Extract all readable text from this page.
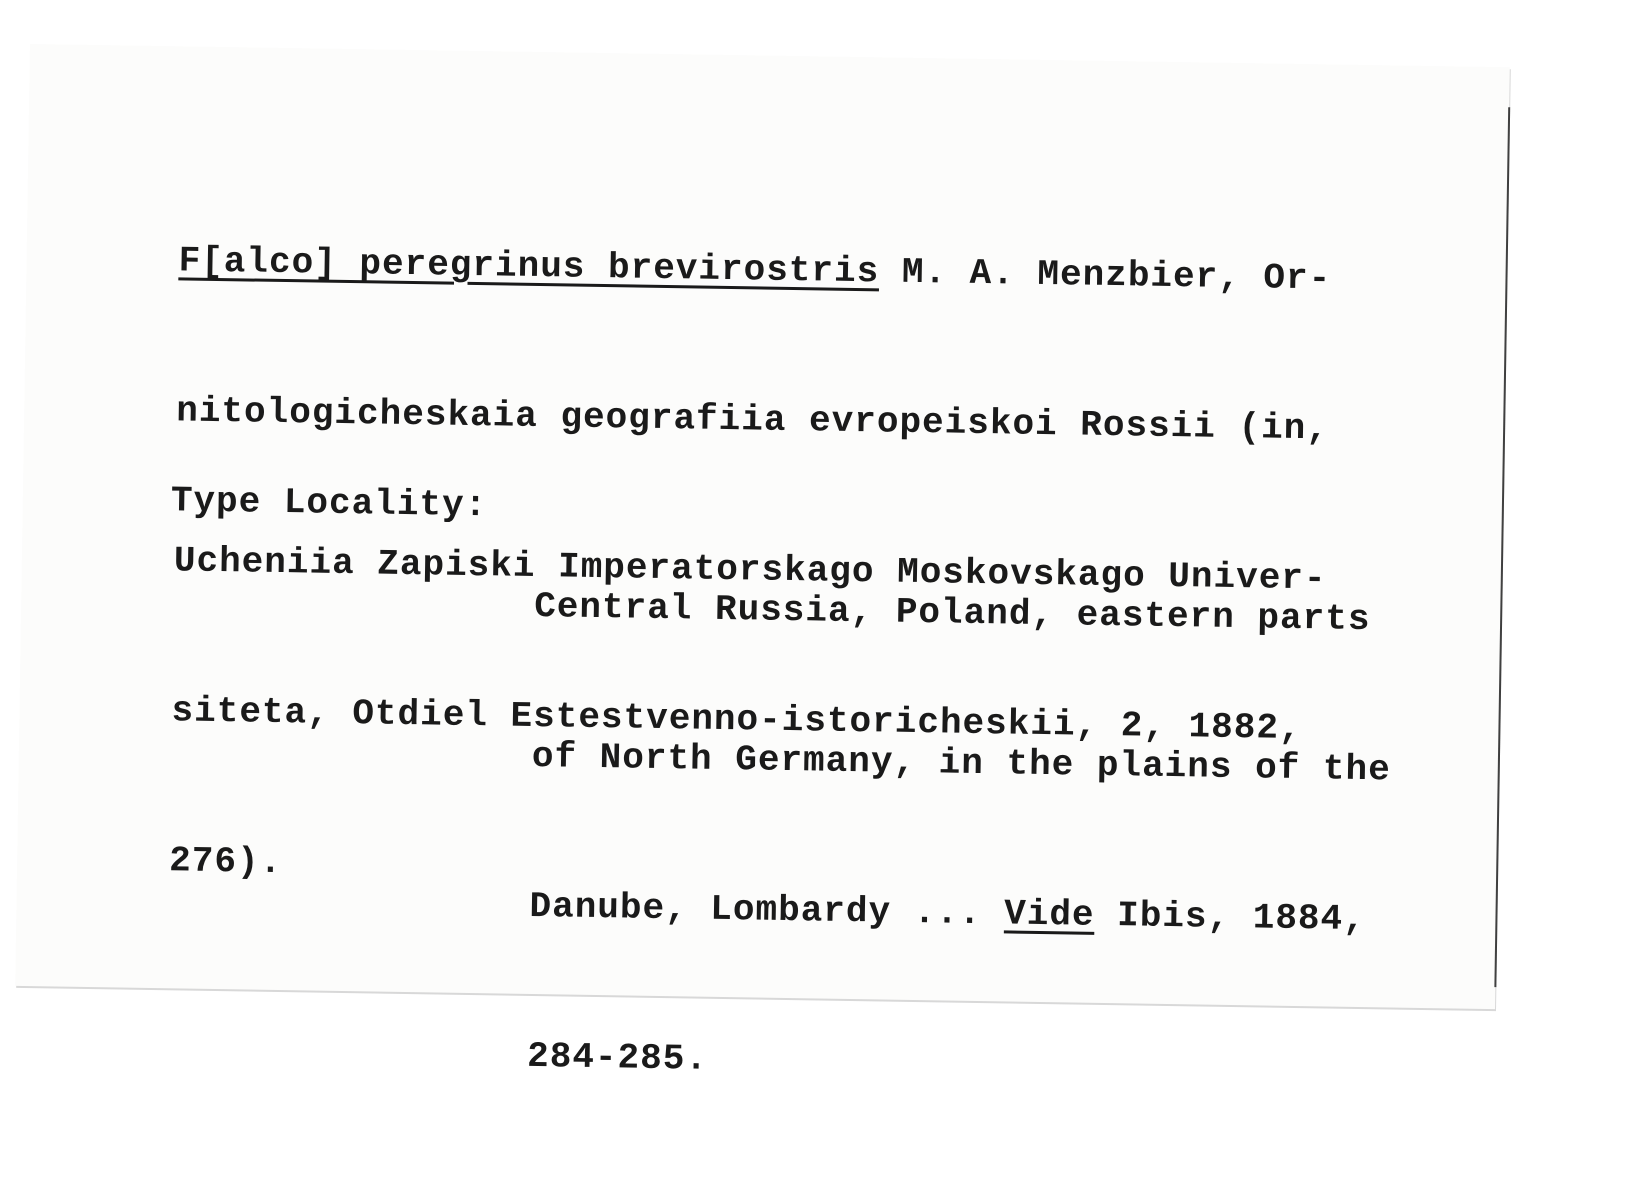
F[alco] peregrinus brevirostris M. A. Menzbier, Or-

nitologicheskaia geografiia evropeiskoi Rossii (in,

Ucheniia Zapiski Imperatorskago Moskovskago Univer-

siteta, Otdiel Estestvenno-istoricheskii, 2, 1882,

276).

Type Locality:

Central Russia, Poland, eastern parts

of North Germany, in the plains of the

Danube, Lombardy ... Vide Ibis, 1884,

284-285.
